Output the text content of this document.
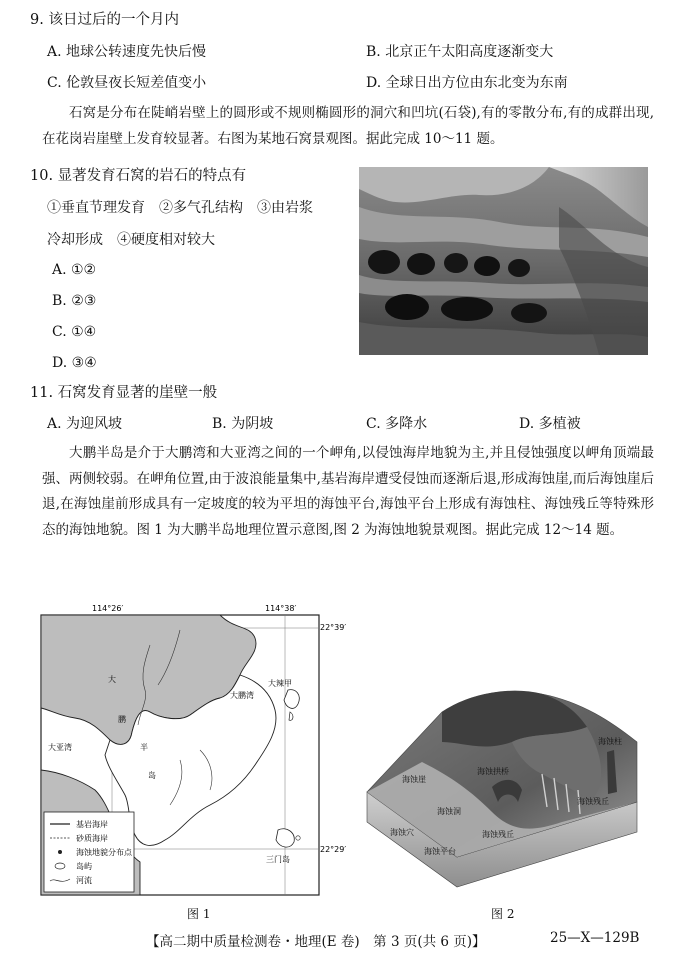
9. 该日过后的一个月内
A. 地球公转速度先快后慢	B. 北京正午太阳高度逐渐变大
C. 伦敦昼夜长短差值变小	D. 全球日出方位由东北变为东南

石窝是分布在陡峭岩壁上的圆形或不规则椭圆形的洞穴和凹坑(石袋),有的零散分布,有的成群出现,在花岗岩崖壁上发育较显著。右图为某地石窝景观图。据此完成 10～11 题。

10. 显著发育石窝的岩石的特点有
①垂直节理发育　②多气孔结构　③由岩浆
冷却形成　④硬度相对较大
A. ①②
B. ②③
C. ①④
D. ③④
11. 石窝发育显著的崖壁一般
A. 为迎风坡	B. 为阴坡	C. 多降水	D. 多植被

大鹏半岛是介于大鹏湾和大亚湾之间的一个岬角,以侵蚀海岸地貌为主,并且侵蚀强度以岬角顶端最强、两侧较弱。在岬角位置,由于波浪能量集中,基岩海岸遭受侵蚀而逐渐后退,形成海蚀崖,而后海蚀崖后退,在海蚀崖前形成具有一定坡度的较为平坦的海蚀平台,海蚀平台上形成有海蚀柱、海蚀残丘等特殊形态的海蚀地貌。图 1 为大鹏半岛地理位置示意图,图 2 为海蚀地貌景观图。据此完成 12～14 题。

114°26′	114°38′
22°39′
22°29′
大
鹏
半
岛
大鹏湾
大亚湾
大辣甲
三门岛
基岩海岸
砂质海岸
海蚀地貌分布点
岛屿
河流
海蚀崖
海蚀拱桥
海蚀柱
海蚀洞
海蚀残丘
海蚀穴
海蚀平台
海蚀残丘
图 1	图 2
【高二期中质量检测卷・地理(E 卷)　第 3 页(共 6 页)】	25—X—129B
